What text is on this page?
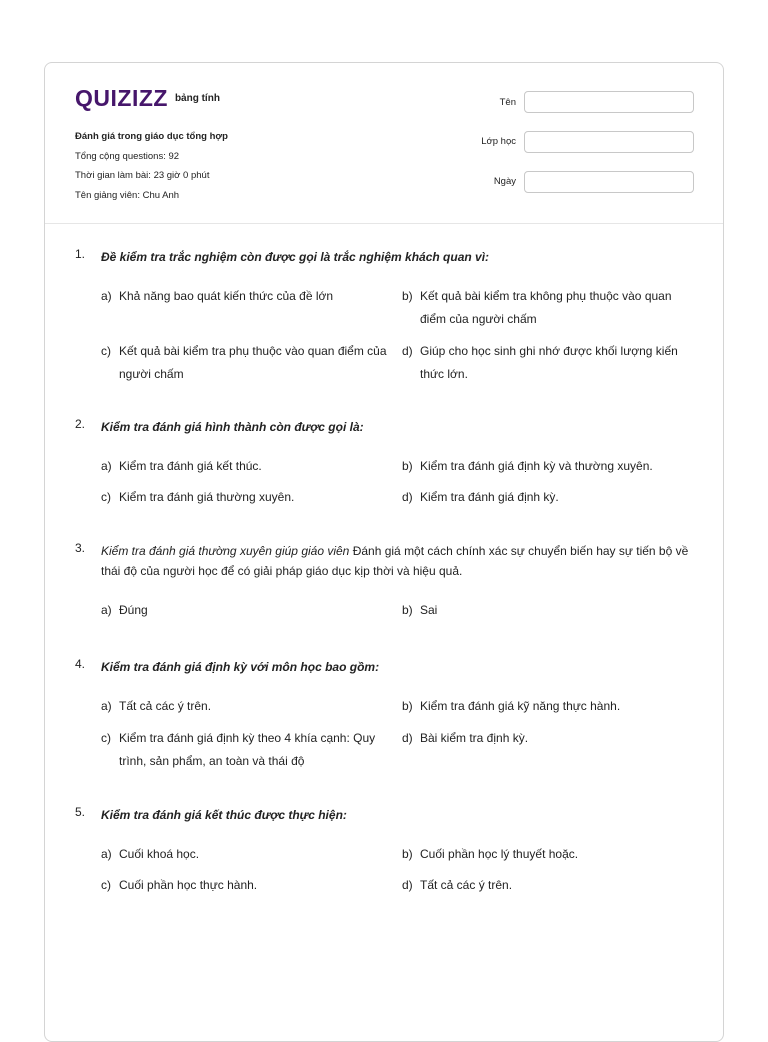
QUIZIZZ bảng tính
Đánh giá trong giáo dục tổng hợp
Tổng cộng questions: 92
Thời gian làm bài: 23 giờ 0 phút
Tên giảng viên: Chu Anh
Tên
Lớp học
Ngày
1. Đề kiểm tra trắc nghiệm còn được gọi là trắc nghiệm khách quan vì:
a) Khả năng bao quát kiến thức của đề lớn	b) Kết quả bài kiểm tra không phụ thuộc vào quan điểm của người chấm
c) Kết quả bài kiểm tra phụ thuộc vào quan điểm của người chấm
d) Giúp cho học sinh ghi nhớ được khối lượng kiến thức lớn.
2. Kiểm tra đánh giá hình thành còn được gọi là:
a) Kiểm tra đánh giá kết thúc.	b) Kiểm tra đánh giá định kỳ và thường xuyên.
c) Kiểm tra đánh giá thường xuyên.	d) Kiểm tra đánh giá định kỳ.
3. Kiểm tra đánh giá thường xuyên giúp giáo viên Đánh giá một cách chính xác sự chuyển biến hay sự tiến bộ về thái độ của người học để có giải pháp giáo dục kịp thời và hiệu quả.
a) Đúng	b) Sai
4. Kiểm tra đánh giá định kỳ với môn học bao gồm:
a) Tất cả các ý trên.	b) Kiểm tra đánh giá kỹ năng thực hành.
c) Kiểm tra đánh giá định kỳ theo 4 khía cạnh: Quy trình, sản phẩm, an toàn và thái độ
d) Bài kiểm tra định kỳ.
5. Kiểm tra đánh giá kết thúc được thực hiện:
a) Cuối khoá học.	b) Cuối phần học lý thuyết hoặc.
c) Cuối phần học thực hành.	d) Tất cả các ý trên.
